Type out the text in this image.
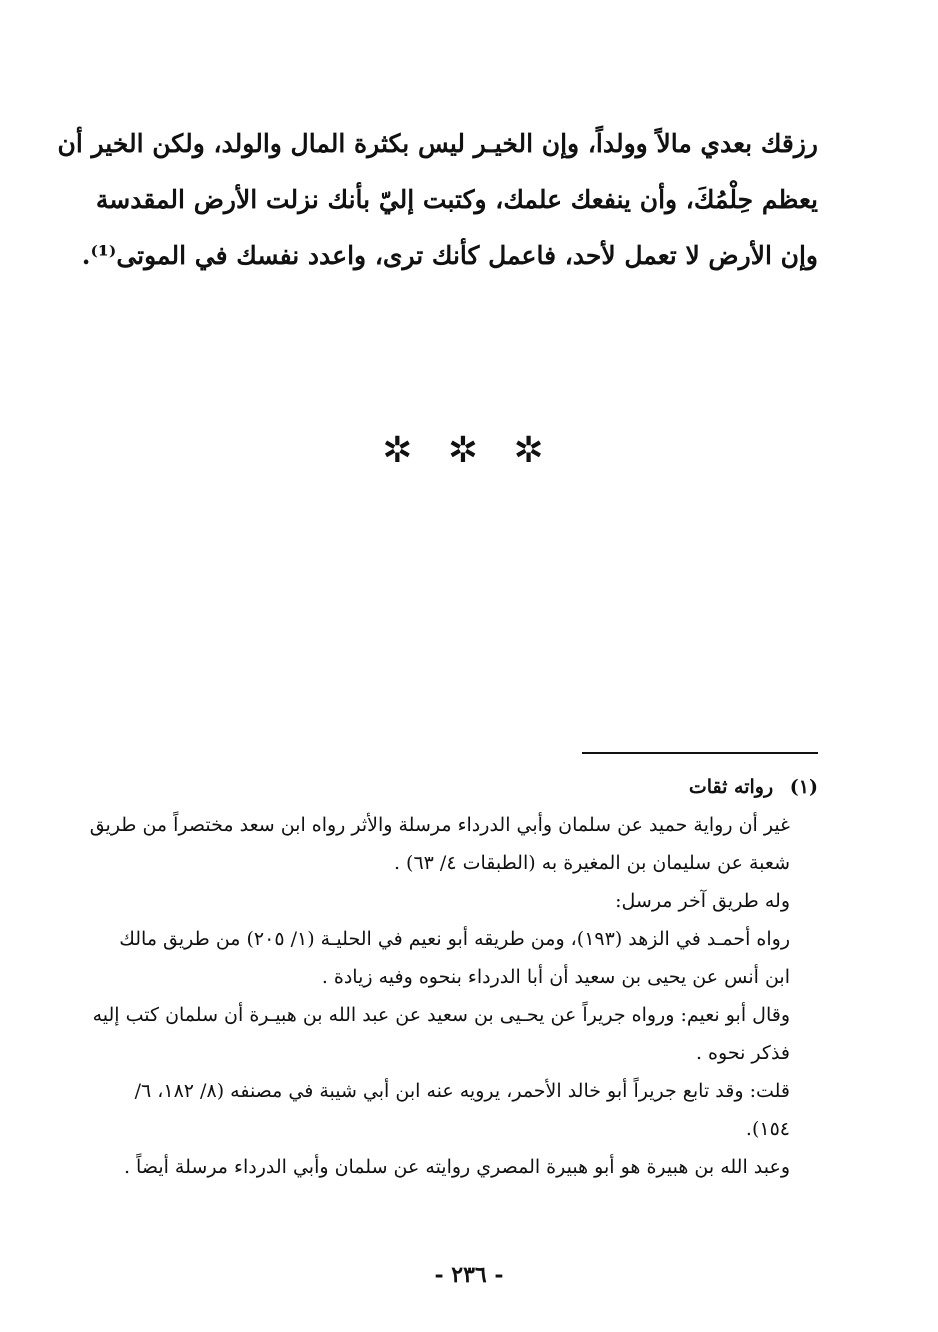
رزقك بعدي مالاً وولداً، وإن الخيـر ليس بكثرة المال والولد، ولكن الخير أن
يعظم حِلْمُكَ، وأن ينفعك علمك، وكتبت إليّ بأنك نزلت الأرض المقدسة
وإن الأرض لا تعمل لأحد، فاعمل كأنك ترى، واعدد نفسك في الموتى⁽¹⁾.
✲ ✲ ✲
(١) رواته ثقات
غير أن رواية حميد عن سلمان وأبي الدرداء مرسلة والأثر رواه ابن سعد مختصراً من طريق
شعبة عن سليمان بن المغيرة به (الطبقات ٤/ ٦٣) .
وله طريق آخر مرسل:
رواه أحمـد في الزهد (١٩٣)، ومن طريقه أبو نعيم في الحليـة (١/ ٢٠٥) من طريق مالك
ابن أنس عن يحيى بن سعيد أن أبا الدرداء بنحوه وفيه زيادة .
وقال أبو نعيم: ورواه جريراً عن يحـيى بن سعيد عن عبد الله بن هبيـرة أن سلمان كتب إليه
فذكر نحوه .
قلت: وقد تابع جريراً أبو خالد الأحمر، يرويه عنه ابن أبي شيبة في مصنفه (٨/ ١٨٢، ٦/
١٥٤).
وعبد الله بن هبيرة هو أبو هبيرة المصري روايته عن سلمان وأبي الدرداء مرسلة أيضاً .
- ٢٣٦ -
